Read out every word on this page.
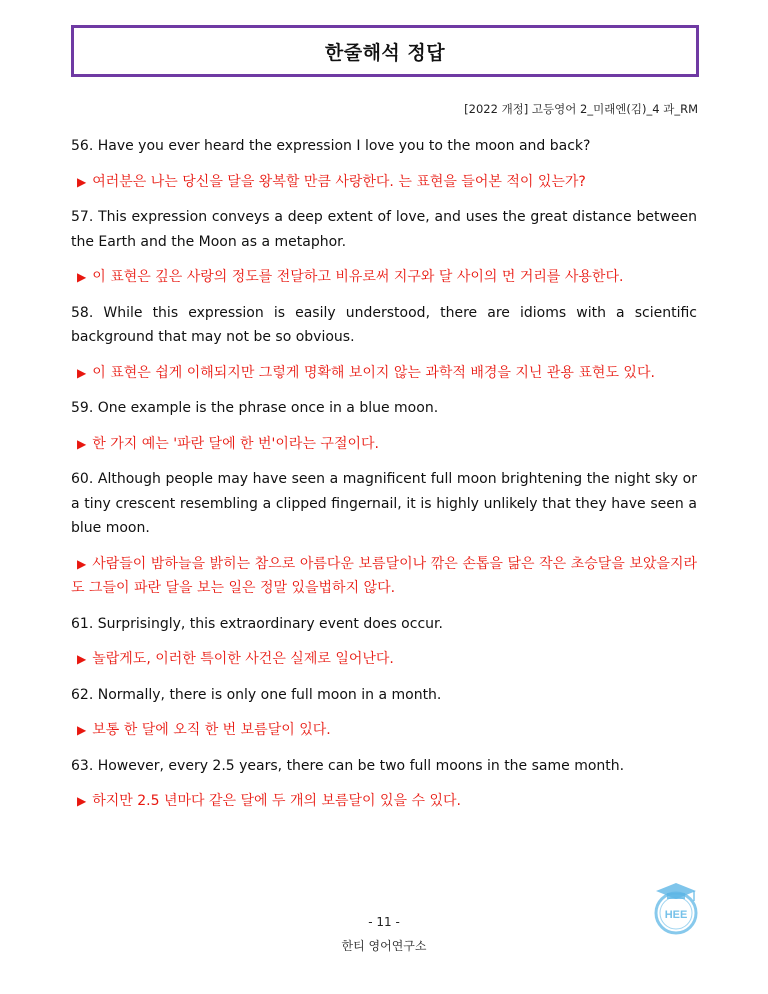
한줄해석 정답
[2022 개정] 고등영어 2_미래엔(김)_4 과_RM

56. Have you ever heard the expression I love you to the moon and back?

▶ 여러분은 나는 당신을 달을 왕복할 만큼 사랑한다. 는 표현을 들어본 적이 있는가?

57. This expression conveys a deep extent of love, and uses the great distance between the Earth and the Moon as a metaphor.

▶ 이 표현은 깊은 사랑의 정도를 전달하고 비유로써 지구와 달 사이의 먼 거리를 사용한다.

58. While this expression is easily understood, there are idioms with a scientific background that may not be so obvious.

▶ 이 표현은 쉽게 이해되지만 그렇게 명확해 보이지 않는 과학적 배경을 지닌 관용 표현도 있다.

59. One example is the phrase once in a blue moon.

▶ 한 가지 예는 '파란 달에 한 번'이라는 구절이다.

60. Although people may have seen a magnificent full moon brightening the night sky or a tiny crescent resembling a clipped fingernail, it is highly unlikely that they have seen a blue moon.

▶ 사람들이 밤하늘을 밝히는 참으로 아름다운 보름달이나 깎은 손톱을 닮은 작은 초승달을 보았을지라도 그들이 파란 달을 보는 일은 정말 있을법하지 않다.

61. Surprisingly, this extraordinary event does occur.

▶ 놀랍게도, 이러한 특이한 사건은 실제로 일어난다.

62. Normally, there is only one full moon in a month.

▶ 보통 한 달에 오직 한 번 보름달이 있다.

63. However, every 2.5 years, there can be two full moons in the same month.

▶ 하지만 2.5 년마다 같은 달에 두 개의 보름달이 있을 수 있다.

HEE
- 11 -
한티 영어연구소
